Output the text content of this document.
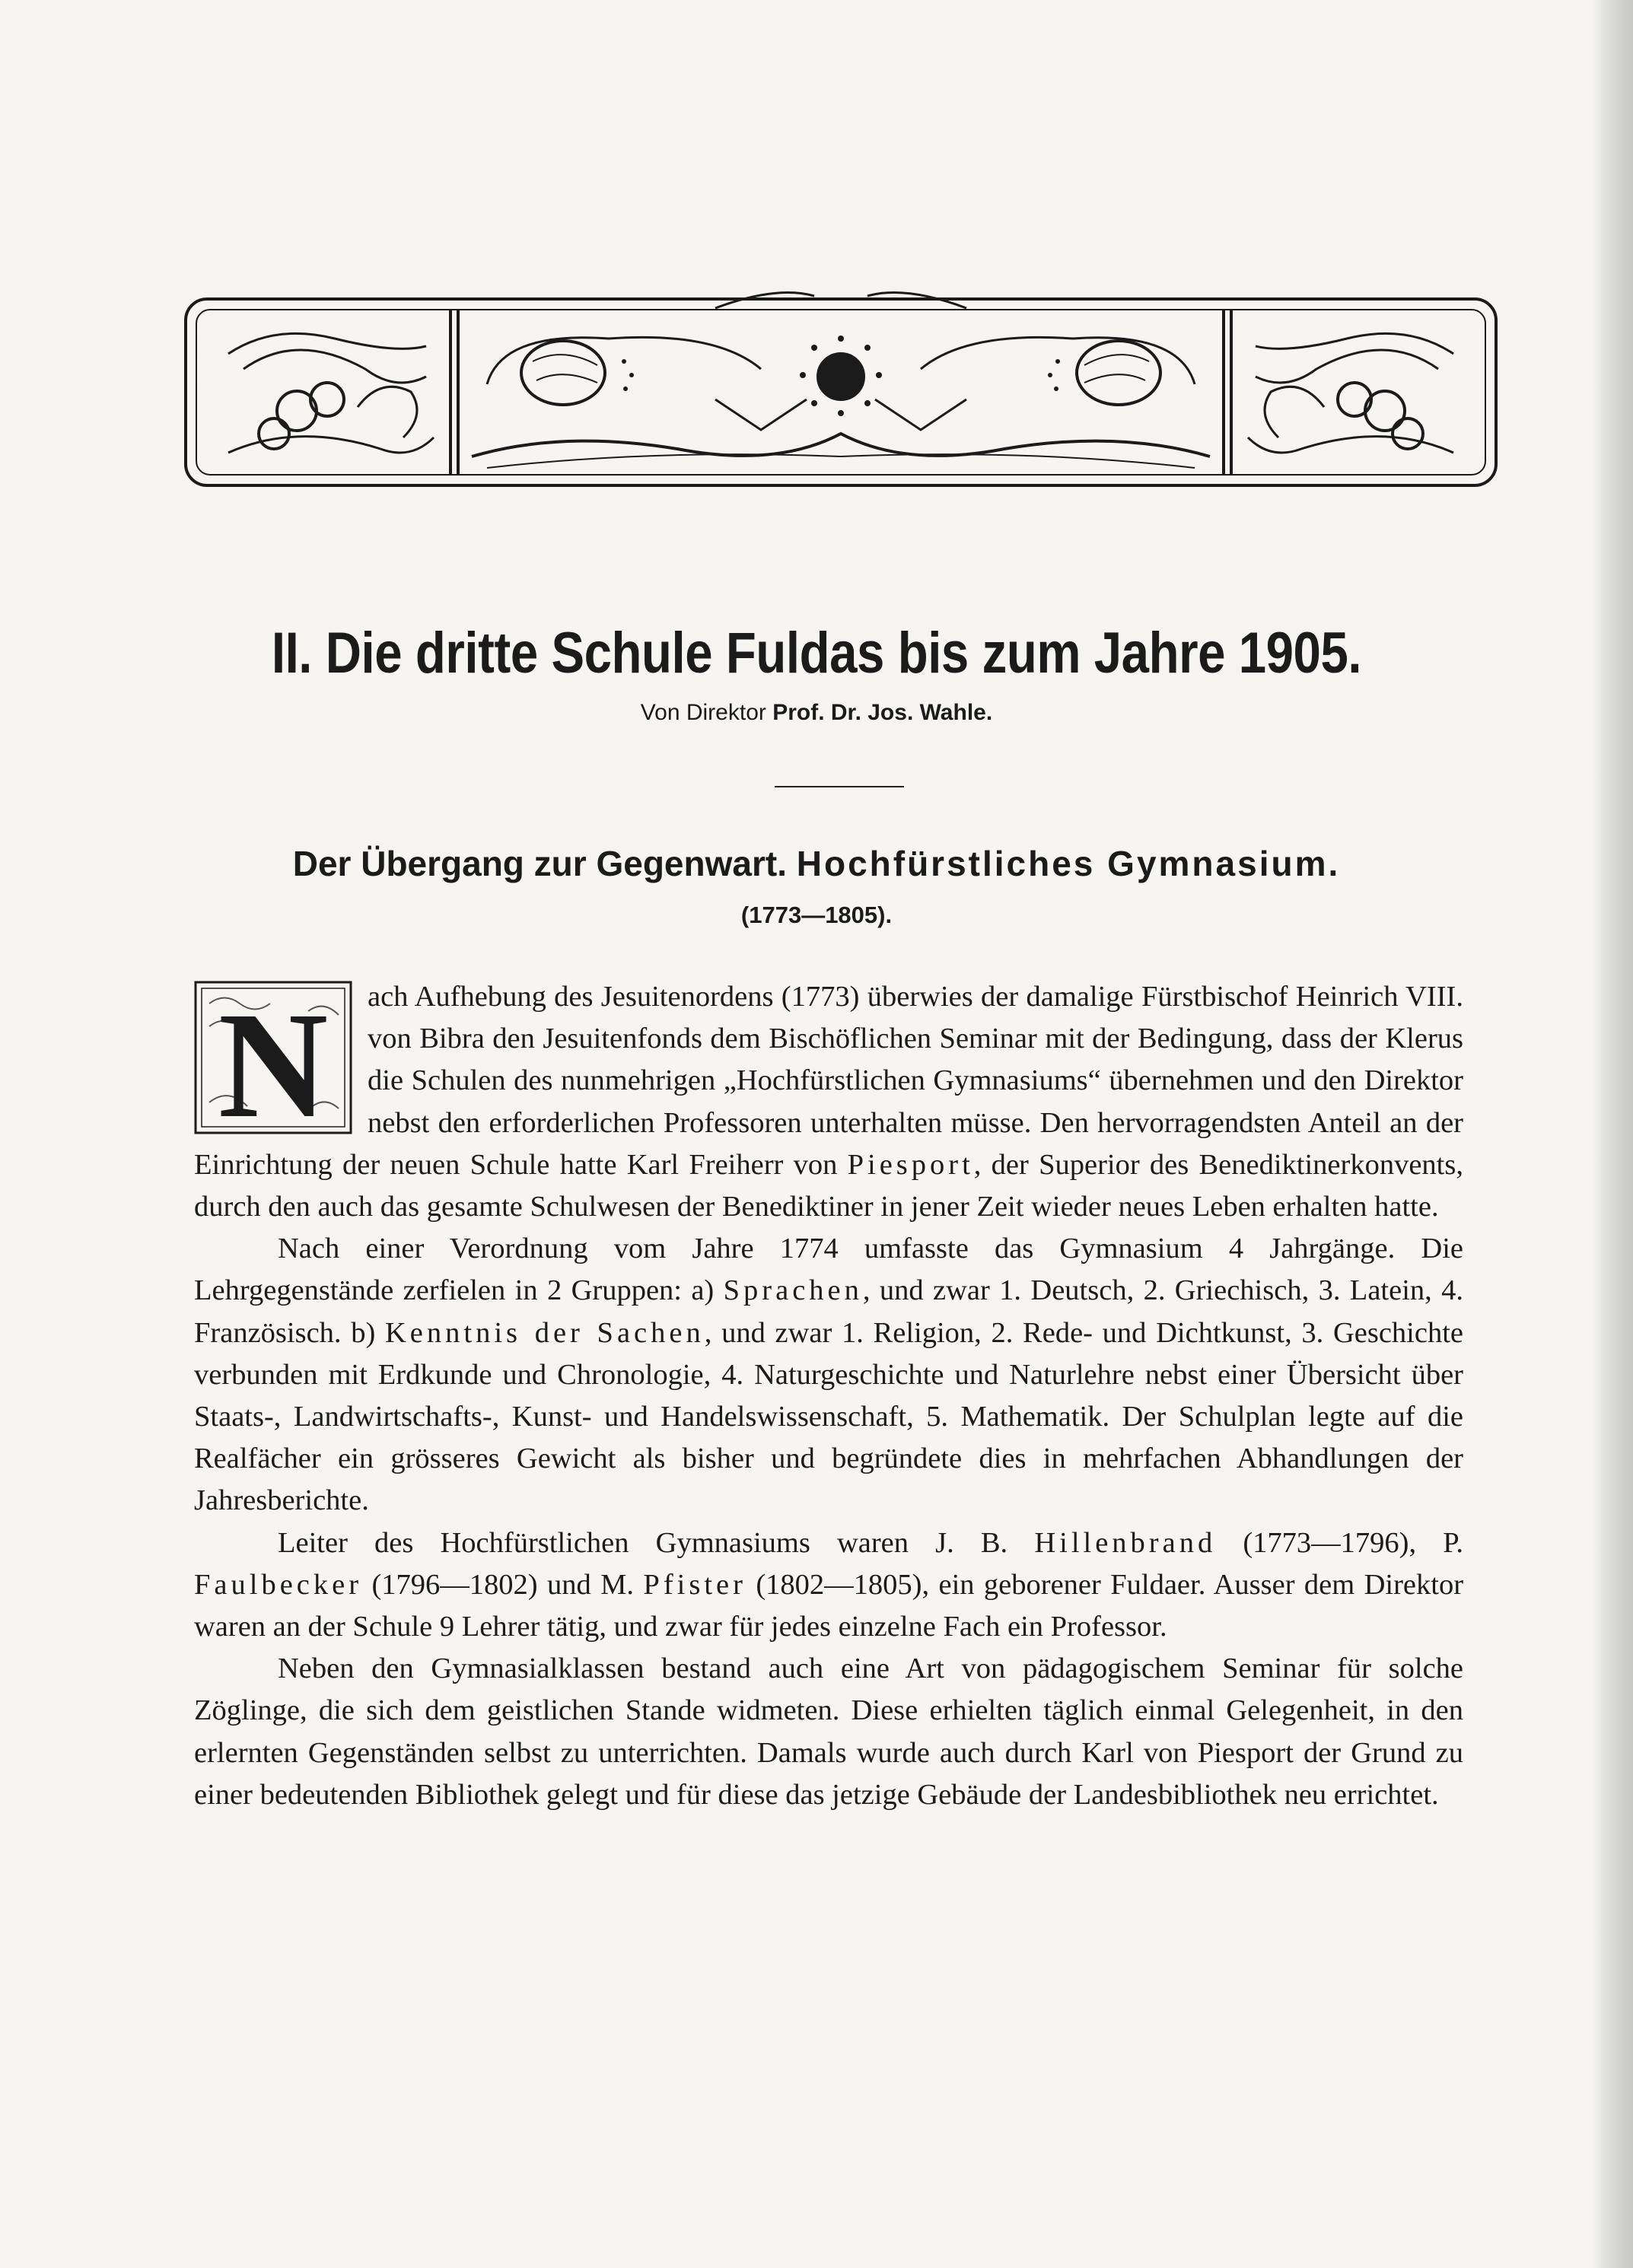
II. Die dritte Schule Fuldas bis zum Jahre 1905.
Von Direktor Prof. Dr. Jos. Wahle.
Der Übergang zur Gegenwart. Hochfürstliches Gymnasium.
(1773—1805).

N ach Aufhebung des Jesuitenordens (1773) überwies der damalige Fürstbischof Heinrich VIII. von Bibra den Jesuitenfonds dem Bischöflichen Seminar mit der Bedingung, dass der Klerus die Schulen des nunmehrigen „Hochfürstlichen Gymnasiums“ übernehmen und den Direktor nebst den erforderlichen Professoren unterhalten müsse. Den hervorragendsten Anteil an der Einrichtung der neuen Schule hatte Karl Freiherr von Piesport, der Superior des Benediktinerkonvents, durch den auch das gesamte Schulwesen der Benediktiner in jener Zeit wieder neues Leben erhalten hatte.

Nach einer Verordnung vom Jahre 1774 umfasste das Gymnasium 4 Jahrgänge. Die Lehrgegenstände zerfielen in 2 Gruppen: a) Sprachen, und zwar 1. Deutsch, 2. Griechisch, 3. Latein, 4. Französisch. b) Kenntnis der Sachen, und zwar 1. Religion, 2. Rede- und Dichtkunst, 3. Geschichte verbunden mit Erdkunde und Chronologie, 4. Naturgeschichte und Naturlehre nebst einer Übersicht über Staats-, Landwirtschafts-, Kunst- und Handelswissenschaft, 5. Mathematik. Der Schulplan legte auf die Realfächer ein grösseres Gewicht als bisher und begründete dies in mehrfachen Abhandlungen der Jahresberichte.

Leiter des Hochfürstlichen Gymnasiums waren J. B. Hillenbrand (1773—1796), P. Faulbecker (1796—1802) und M. Pfister (1802—1805), ein geborener Fuldaer. Ausser dem Direktor waren an der Schule 9 Lehrer tätig, und zwar für jedes einzelne Fach ein Professor.

Neben den Gymnasialklassen bestand auch eine Art von pädagogischem Seminar für solche Zöglinge, die sich dem geistlichen Stande widmeten. Diese erhielten täglich einmal Gelegenheit, in den erlernten Gegenständen selbst zu unterrichten. Damals wurde auch durch Karl von Piesport der Grund zu einer bedeutenden Bibliothek gelegt und für diese das jetzige Gebäude der Landesbibliothek neu errichtet.
